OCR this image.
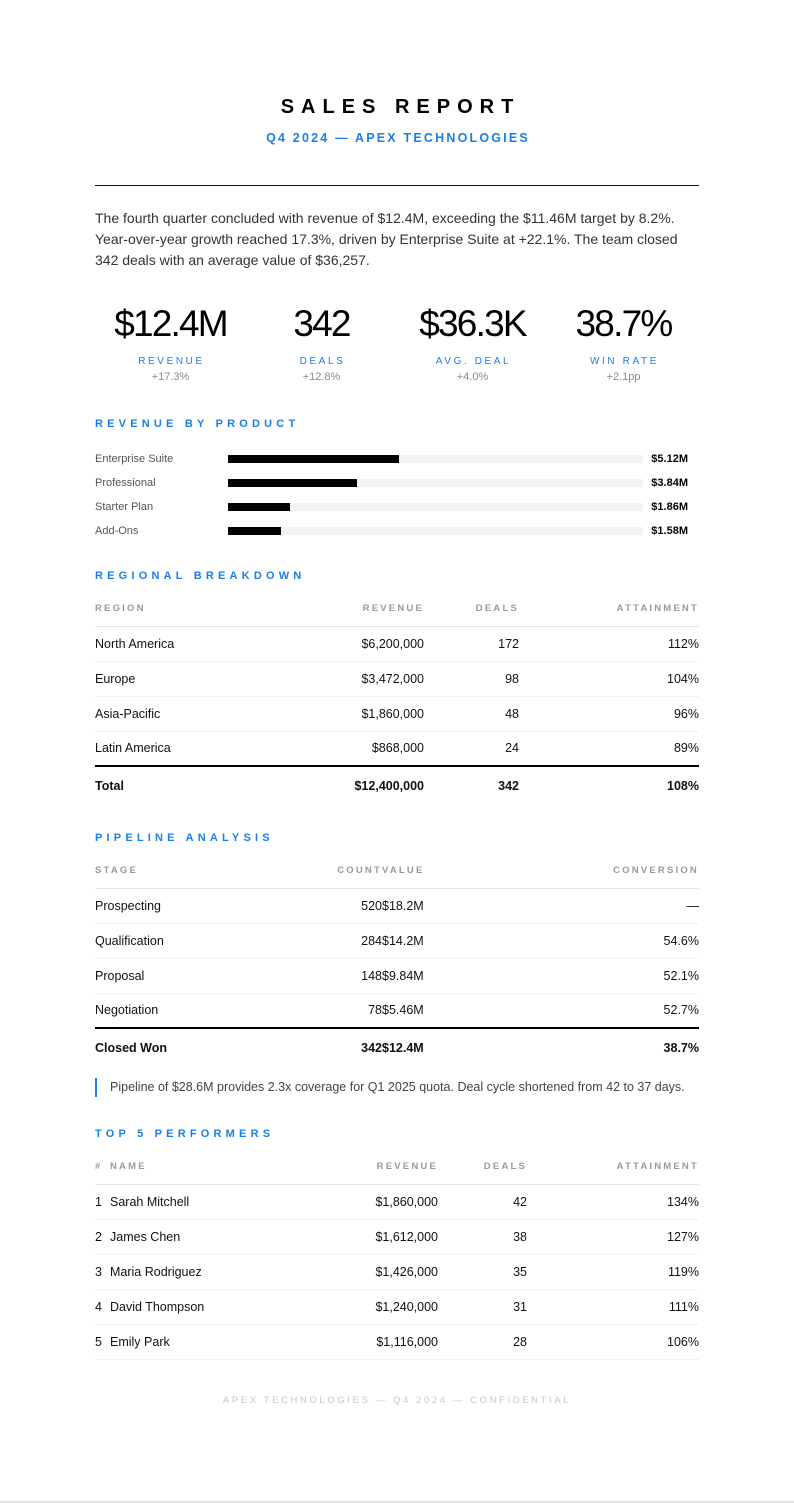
SALES REPORT
Q4 2024 — APEX TECHNOLOGIES

The fourth quarter concluded with revenue of $12.4M, exceeding the $11.46M target by 8.2%. Year-over-year growth reached 17.3%, driven by Enterprise Suite at +22.1%. The team closed 342 deals with an average value of $36,257.

$12.4M
REVENUE
+17.3%
342
DEALS
+12.8%
$36.3K
AVG. DEAL
+4.0%
38.7%
WIN RATE
+2.1pp
REVENUE BY PRODUCT
Enterprise Suite	$5.12M
Professional	$3.84M
Starter Plan	$1.86M
Add-Ons	$1.58M
REGIONAL BREAKDOWN
REGION	REVENUE	DEALS	ATTAINMENT
North America	$6,200,000	172	112%
Europe	$3,472,000	98	104%
Asia-Pacific	$1,860,000	48	96%
Latin America	$868,000	24	89%
Total	$12,400,000	342	108%
PIPELINE ANALYSIS
STAGE	COUNT	VALUE	CONVERSION
Prospecting	520	$18.2M	—
Qualification	284	$14.2M	54.6%
Proposal	148	$9.84M	52.1%
Negotiation	78	$5.46M	52.7%
Closed Won	342	$12.4M	38.7%
Pipeline of $28.6M provides 2.3x coverage for Q1 2025 quota. Deal cycle shortened from 42 to 37 days.
TOP 5 PERFORMERS
# NAME	REVENUE	DEALS	ATTAINMENT
1 Sarah Mitchell	$1,860,000	42	134%
2 James Chen	$1,612,000	38	127%
3 Maria Rodriguez	$1,426,000	35	119%
4 David Thompson	$1,240,000	31	111%
5 Emily Park	$1,116,000	28	106%
APEX TECHNOLOGIES — Q4 2024 — CONFIDENTIAL
